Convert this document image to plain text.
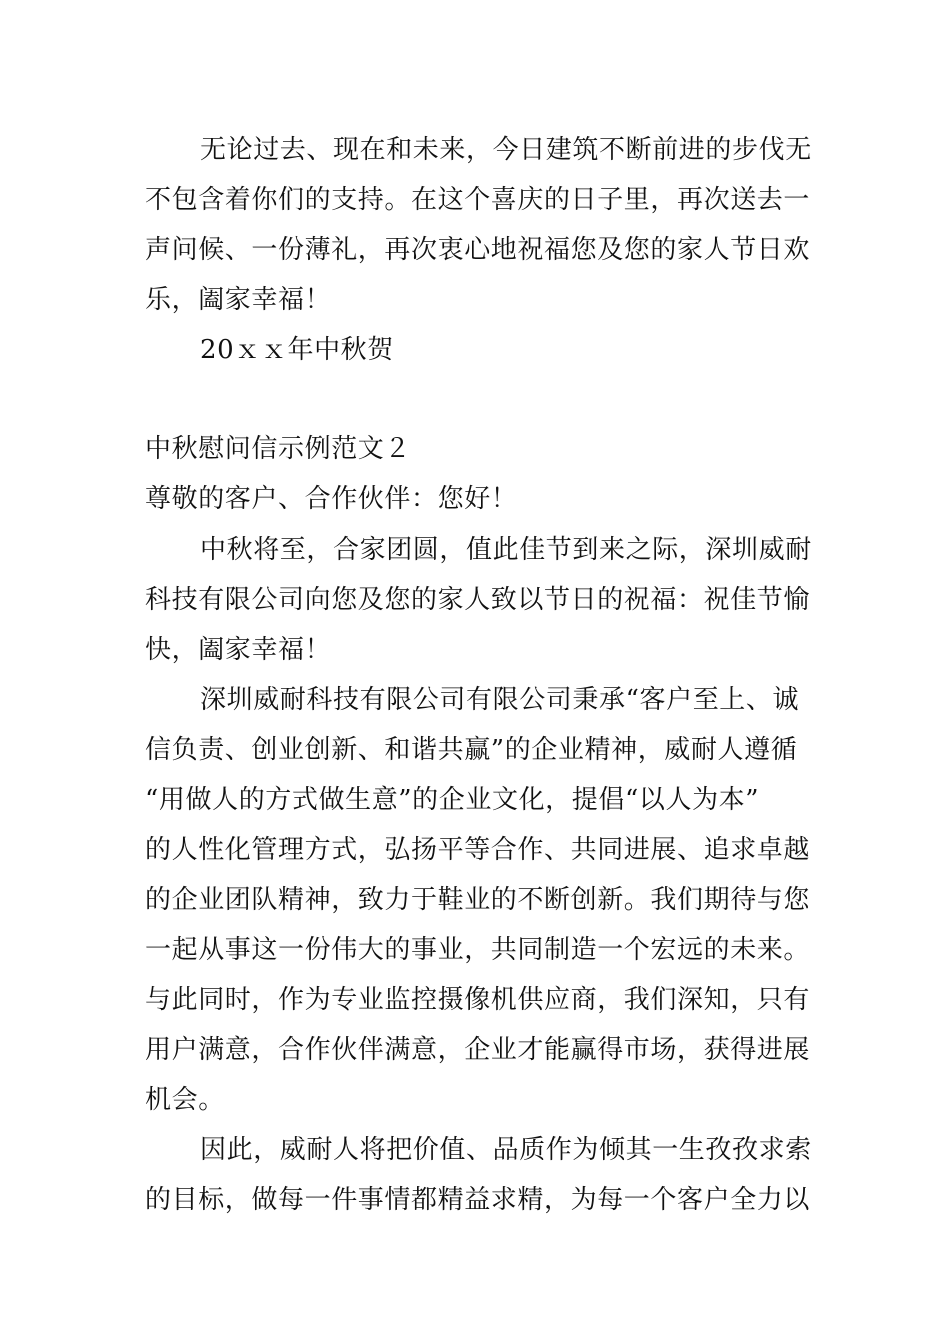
无论过去、现在和未来，今日建筑不断前进的步伐无
不包含着你们的支持。在这个喜庆的日子里，再次送去一
声问候、一份薄礼，再次衷心地祝福您及您的家人节日欢
乐，阖家幸福！
20ｘｘ年中秋贺
中秋慰问信示例范文２
尊敬的客户、合作伙伴：您好！
中秋将至，合家团圆，值此佳节到来之际，深圳威耐
科技有限公司向您及您的家人致以节日的祝福：祝佳节愉
快，阖家幸福！
深圳威耐科技有限公司有限公司秉承“客户至上、诚
信负责、创业创新、和谐共赢”的企业精神，威耐人遵循
“用做人的方式做生意”的企业文化，提倡“以人为本”
的人性化管理方式，弘扬平等合作、共同进展、追求卓越
的企业团队精神，致力于鞋业的不断创新。我们期待与您
一起从事这一份伟大的事业，共同制造一个宏远的未来。
与此同时，作为专业监控摄像机供应商，我们深知，只有
用户满意，合作伙伴满意，企业才能赢得市场，获得进展
机会。
因此，威耐人将把价值、品质作为倾其一生孜孜求索
的目标，做每一件事情都精益求精，为每一个客户全力以
